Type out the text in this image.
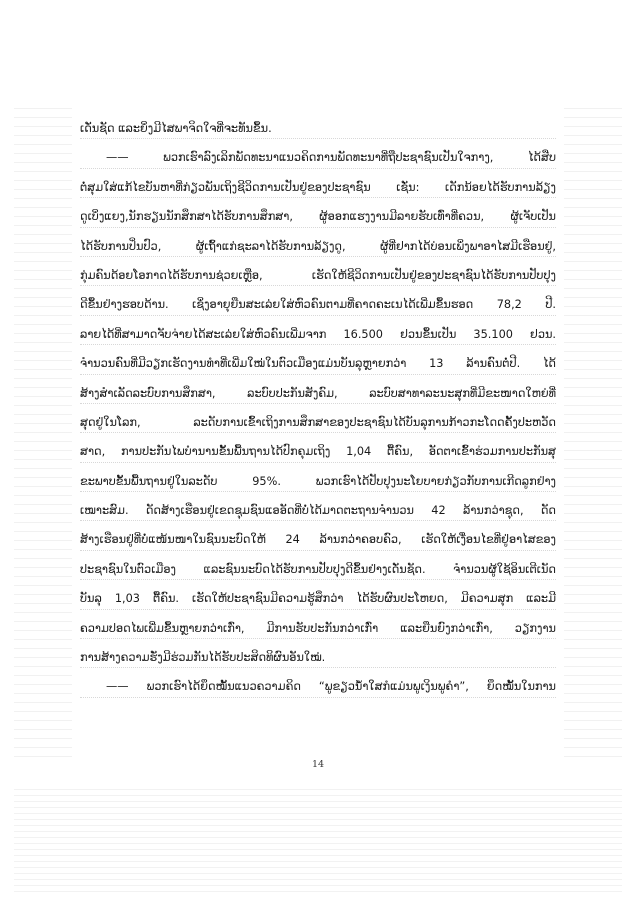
ເດັ່ນຊັດ ແລະຍິ່ງມີໄສພາຈິດໃຈທີ່ຈະທັນຂຶ້ນ.
—— ພວກເຮົາລົງເລິກພັດທະນາແນວຄິດການພັດທະນາທີ່ຖືປະຊາຊົນເປັນໃຈກາງ, ໄດ້ສືບ
ຕໍ່ສຸມໃສ່ແກ້ໄຂບັນຫາທີ່ກ່ຽວພັນເຖິງຊີວິດການເປັນຢູ່ຂອງປະຊາຊົນ ເຊັ່ນ: ເດັກນ້ອຍໄດ້ຮັບການລ້ຽງ
ດູເບິ່ງແຍງ,ນັກຮຽນນັກສຶກສາໄດ້ຮັບການສຶກສາ, ຜູ້ອອກແຮງງານມີລາຍຮັບເທົ່າທີ່ຄວນ, ຜູ້ເຈັບເປັນ
ໄດ້ຮັບການປິ່ນປົວ, ຜູ້ເຖົ້າແກ່ຊະລາໄດ້ຮັບການລ້ຽງດູ, ຜູ້ທີ່ຢາກໄດ້ບ່ອນເພິ່ງພາອາໄສມີເຮືອນຢູ່,
ກຸ່ມຄົນດ້ອຍໂອກາດໄດ້ຮັບການຊ່ວຍເຫຼືອ, ເຮັດໃຫ້ຊີວິດການເປັນຢູ່ຂອງປະຊາຊົນໄດ້ຮັບການປັບປຸງ
ດີຂຶ້ນຢ່າງຮອບດ້ານ. ເຊິ່ງອາຍຸຍືນສະເລ່ຍໃສ່ຫົວຄົນຕາມທີ່ຄາດຄະເນໄດ້ເພີ່ມຂຶ້ນຮອດ 78,2 ປີ.
ລາຍໄດ້ທີ່ສາມາດຈັບຈ່າຍໄດ້ສະເລ່ຍໃສ່ຫົວຄົນເພີ່ມຈາກ 16.500 ຢວນຂຶ້ນເປັນ 35.100 ຢວນ.
ຈຳນວນຄົນທີ່ມີວຽກເຮັດງານທຳທີ່ເພີ່ມໃໝ່ໃນຕົວເມືອງແມ່ນບັນລຸຫຼາຍກວ່າ 13 ລ້ານຄົນຕໍ່ປີ. ໄດ້
ສ້າງສຳເລັດລະບົບການສຶກສາ, ລະບົບປະກັນສັງຄົມ, ລະບົບສາທາລະນະສຸກທີ່ມີຂະໜາດໃຫຍ່ທີ່
ສຸດຢູ່ໃນໂລກ, ລະດັບການເຂົ້າເຖິງການສຶກສາຂອງປະຊາຊົນໄດ້ບັນລຸການກ້າວກະໂດດຄັ້ງປະຫວັດ
ສາດ, ການປະກັນໄພບຳນານຂັ້ນພື້ນຖານໄດ້ປົກຄຸມເຖິງ 1,04 ຕື້ຄົນ, ອັດຕາເຂົ້າຮ່ວມການປະກັນສຸ
ຂະພາບຂັ້ນພື້ນຖານຢູ່ໃນລະດັບ 95%. ພວກເຮົາໄດ້ປັບປຸງນະໂຍບາຍກ່ຽວກັບການເກີດລູກຢ່າງ
ເໝາະສົມ. ດັດສ້າງເຮືອນຢູ່ເຂດຊຸມຊົນແອອັດທີ່ບໍ່ໄດ້ມາດຕະຖານຈຳນວນ 42 ລ້ານກວ່າຊຸດ, ດັດ
ສ້າງເຮືອນຢູ່ທີ່ບໍ່ແໜ້ນໜາໃນຊົນນະບົດໃຫ້ 24 ລ້ານກວ່າຄອບຄົວ, ເຮັດໃຫ້ເງື່ອນໄຂທີ່ຢູ່ອາໄສຂອງ
ປະຊາຊົນໃນຕົວເມືອງ ແລະຊົນນະບົດໄດ້ຮັບການປັບປຸງດີຂຶ້ນຢ່າງເດັ່ນຊັດ. ຈຳນວນຜູ້ໃຊ້ອິນເຕີເນັດ
ບັນລຸ 1,03 ຕື້ຄົນ. ເຮັດໃຫ້ປະຊາຊົນມີຄວາມຮູ້ສຶກວ່າ ໄດ້ຮັບຜົນປະໂຫຍດ, ມີຄວາມສຸກ ແລະມີ
ຄວາມປອດໄພເພີ່ມຂຶ້ນຫຼາຍກວ່າເກົ່າ, ມີການຮັບປະກັນກວ່າເກົ່າ ແລະຍືນຍົງກວ່າເກົ່າ, ວຽກງານ
ການສ້າງຄວາມຮັ່ງມີຮ່ວມກັນໄດ້ຮັບປະສິດທິຜົນອັນໃໝ່.
—— ພວກເຮົາໄດ້ຍຶດໝັ້ນແນວຄວາມຄິດ “ພູຂຽວນ້ຳໃສກໍແມ່ນພູເງິນພູຄຳ”, ຍຶດໝັ້ນໃນການ
14
